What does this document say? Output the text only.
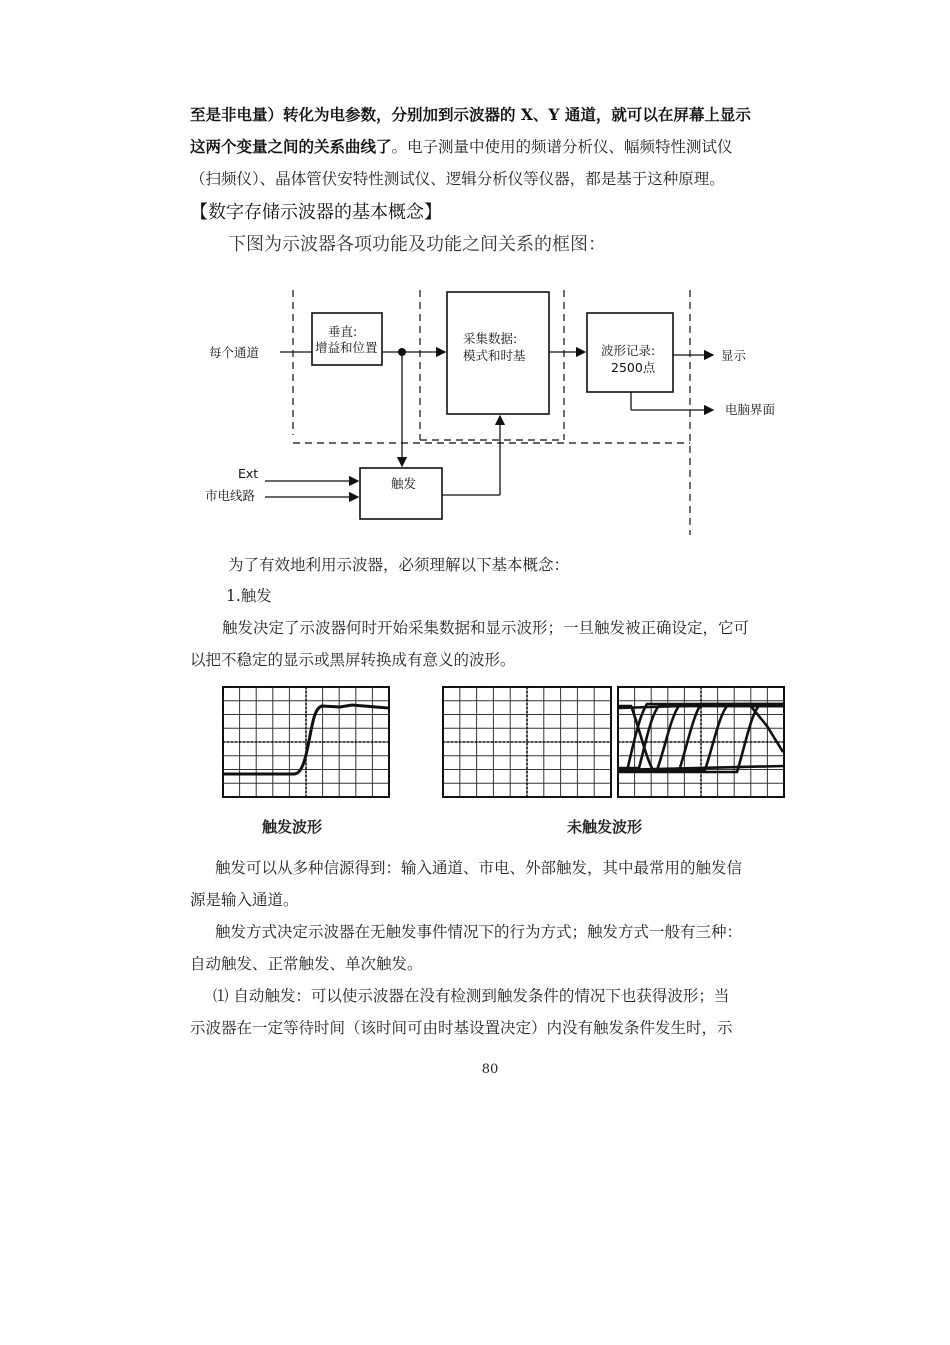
至是非电量）转化为电参数，分别加到示波器的 X、Y 通道，就可以在屏幕上显示
这两个变量之间的关系曲线了。电子测量中使用的频谱分析仪、幅频特性测试仪
（扫频仪）、晶体管伏安特性测试仪、逻辑分析仪等仪器，都是基于这种原理。
【数字存储示波器的基本概念】
下图为示波器各项功能及功能之间关系的框图：
每个通道
垂直:
增益和位置
采集数据:
模式和时基	波形记录:
2500点
显示
电脑界面
触发
Ext
市电线路
为了有效地利用示波器，必须理解以下基本概念：
1.触发
触发决定了示波器何时开始采集数据和显示波形；一旦触发被正确设定，它可
以把不稳定的显示或黑屏转换成有意义的波形。
触发波形	未触发波形
触发可以从多种信源得到：输入通道、市电、外部触发，其中最常用的触发信
源是输入通道。
触发方式决定示波器在无触发事件情况下的行为方式；触发方式一般有三种：
自动触发、正常触发、单次触发。
⑴ 自动触发：可以使示波器在没有检测到触发条件的情况下也获得波形；当
示波器在一定等待时间（该时间可由时基设置决定）内没有触发条件发生时，示
80
